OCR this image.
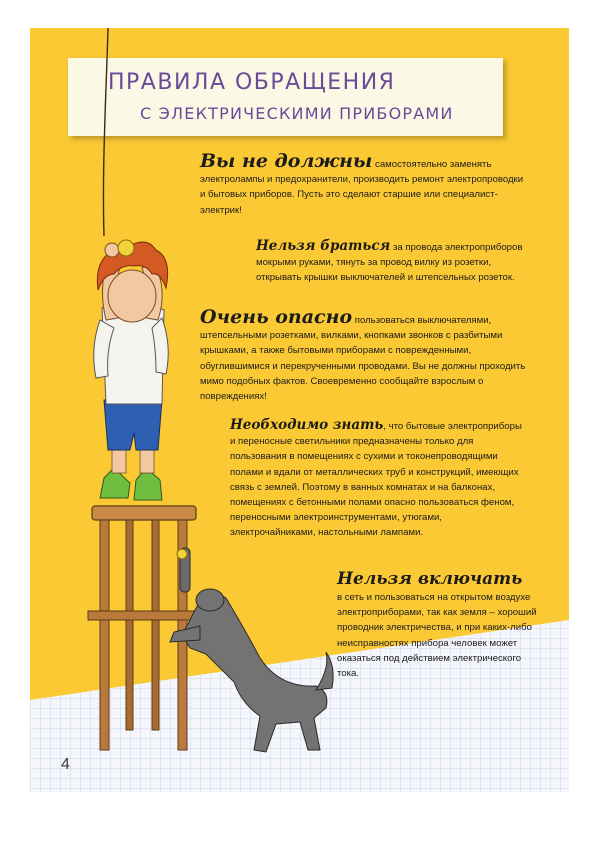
ПРАВИЛА ОБРАЩЕНИЯ
С ЭЛЕКТРИЧЕСКИМИ ПРИБОРАМИ
Вы не должны самостоятельно заменять электролампы и предохранители, производить ремонт электропроводки и бытовых приборов. Пусть это сделают старшие или специалист-электрик!
Нельзя браться за провода электроприборов мокрыми руками, тянуть за провод вилку из розетки, открывать крышки выключателей и штепсельных розеток.
Очень опасно пользоваться выключателями, штепсельными розетками, вилками, кнопками звонков с разбитыми крышками, а также бытовыми приборами с поврежденными, обуглившимися и перекрученными проводами. Вы не должны проходить мимо подобных фактов. Своевременно сообщайте взрослым о повреждениях!
Необходимо знать, что бытовые электроприборы и переносные светильники предназначены только для пользования в помещениях с сухими и токонепроводящими полами и вдали от металлических труб и конструкций, имеющих связь с землей. Поэтому в ванных комнатах и на балконах, помещениях с бетонными полами опасно пользоваться феном, переносными электроинструментами, утюгами, электрочайниками, настольными лампами.
Нельзя включать
в сеть и пользоваться на открытом воздухе электроприборами, так как земля – хороший проводник электричества, и при каких-либо неисправностях прибора человек может оказаться под действием электрического тока.
4
